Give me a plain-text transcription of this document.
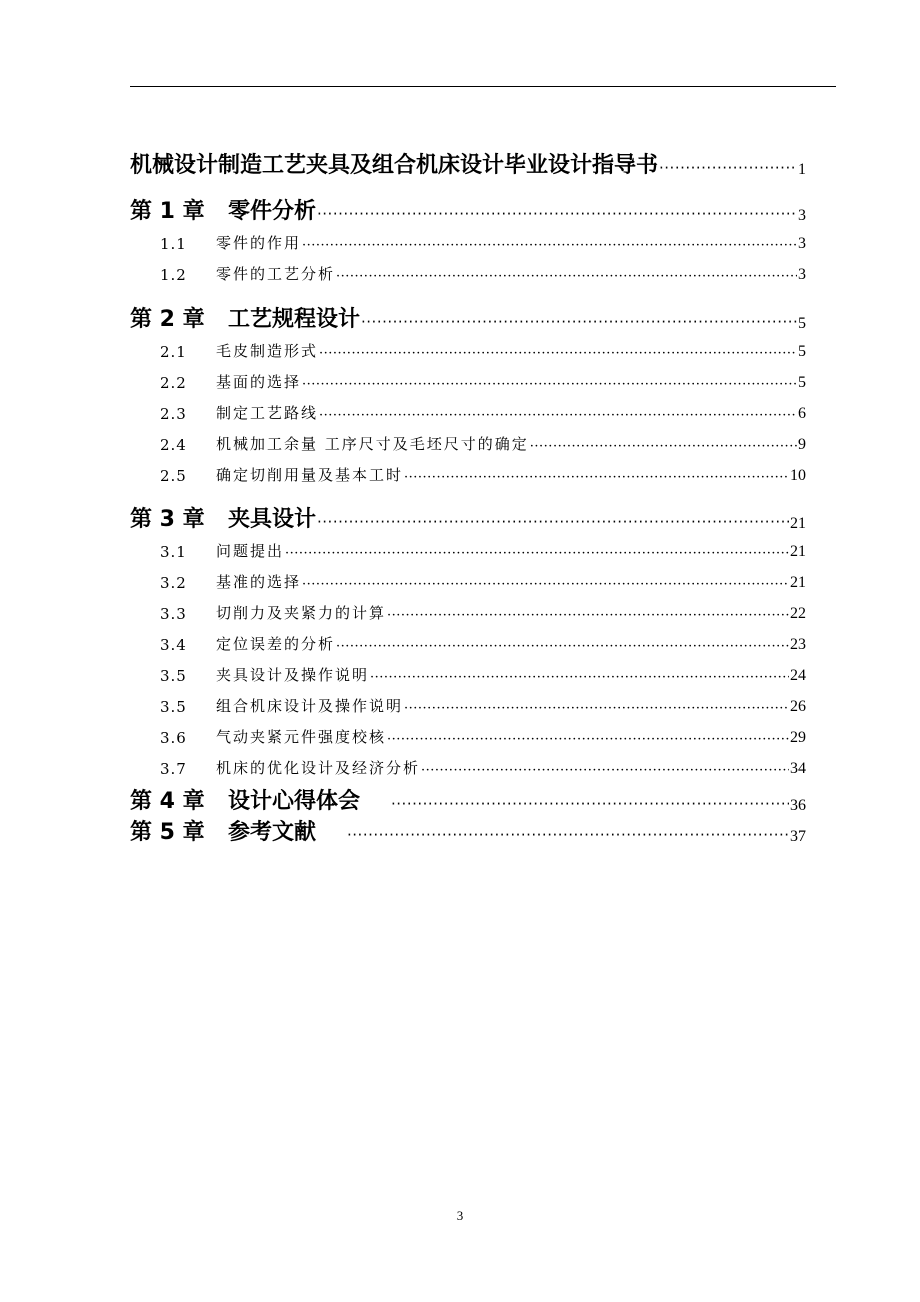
机械设计制造工艺夹具及组合机床设计毕业设计指导书 ·····	1
第 1 章	零件分析 ·····	3
1.1	零件的作用 ·····	3
1.2	零件的工艺分析 ·····	3
第 2 章	工艺规程设计 ·····	5
2.1	毛皮制造形式 ·····	5
2.2	基面的选择 ·····	5
2.3	制定工艺路线 ·····	6
2.4	机械加工余量 工序尺寸及毛坯尺寸的确定 ·····	9
2.5	确定切削用量及基本工时 ·····	10
第 3 章	夹具设计 ·····	21
3.1	问题提出 ·····	21
3.2	基准的选择 ·····	21
3.3	切削力及夹紧力的计算 ·····	22
3.4	定位误差的分析 ·····	23
3.5	夹具设计及操作说明 ·····	24
3.5	组合机床设计及操作说明 ·····	26
3.6	气动夹紧元件强度校核 ·····	29
3.7	机床的优化设计及经济分析 ·····	34
第 4 章	设计心得体会 ·····	36
第 5 章	参考文献 ·····	37
3
